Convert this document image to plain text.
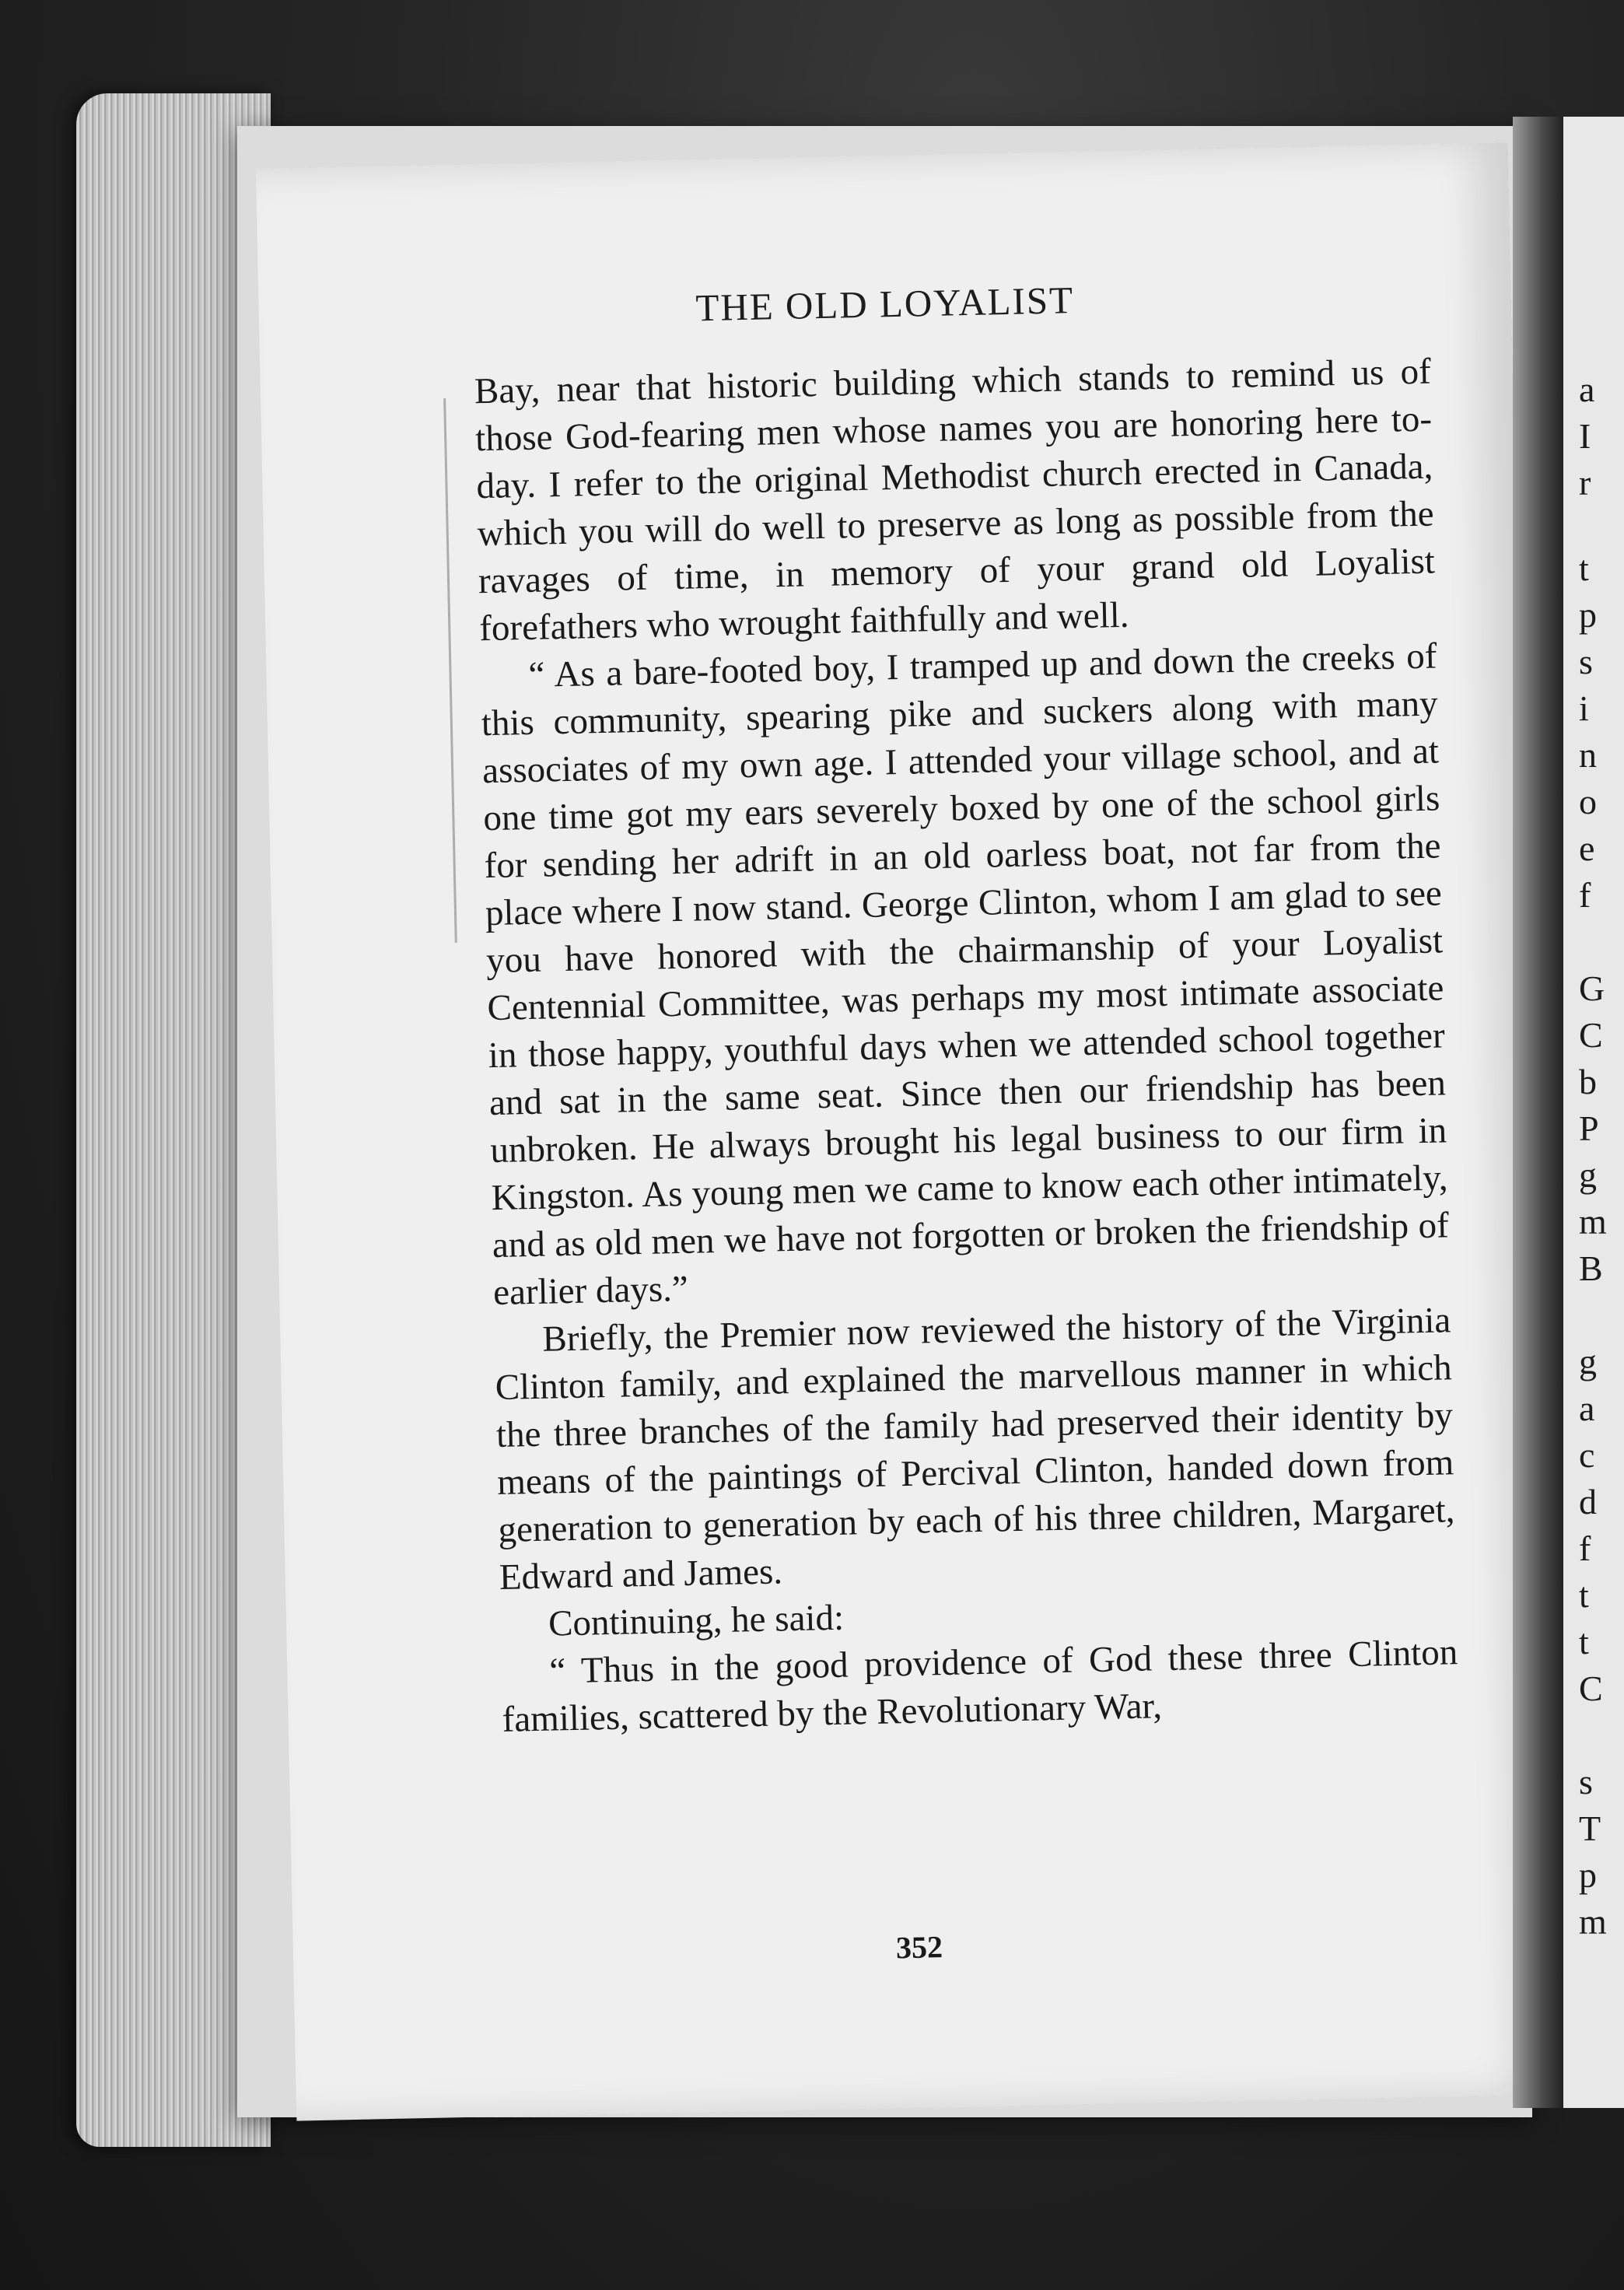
THE OLD LOYALIST

Bay, near that historic building which stands to remind us of those God-fearing men whose names you are honoring here to-day. I refer to the original Methodist church erected in Canada, which you will do well to preserve as long as possible from the ravages of time, in memory of your grand old Loyalist forefathers who wrought faithfully and well.

“ As a bare-footed boy, I tramped up and down the creeks of this community, spearing pike and suckers along with many associates of my own age. I attended your village school, and at one time got my ears severely boxed by one of the school girls for sending her adrift in an old oarless boat, not far from the place where I now stand. George Clinton, whom I am glad to see you have honored with the chairmanship of your Loyalist Centennial Committee, was perhaps my most intimate associate in those happy, youthful days when we attended school together and sat in the same seat. Since then our friendship has been unbroken. He always brought his legal business to our firm in Kingston. As young men we came to know each other intimately, and as old men we have not forgotten or broken the friendship of earlier days.”

Briefly, the Premier now reviewed the history of the Virginia Clinton family, and explained the marvellous manner in which the three branches of the family had preserved their identity by means of the paintings of Percival Clinton, handed down from generation to generation by each of his three children, Margaret, Edward and James.

Continuing, he said:

“ Thus in the good providence of God these three Clinton families, scattered by the Revolutionary War,

352
a
I
r
t
p
s
i
n
o
e
f
G
C
b
P
g
m
B
g
a
c
d
f
t
t
C
s
T
p
m
